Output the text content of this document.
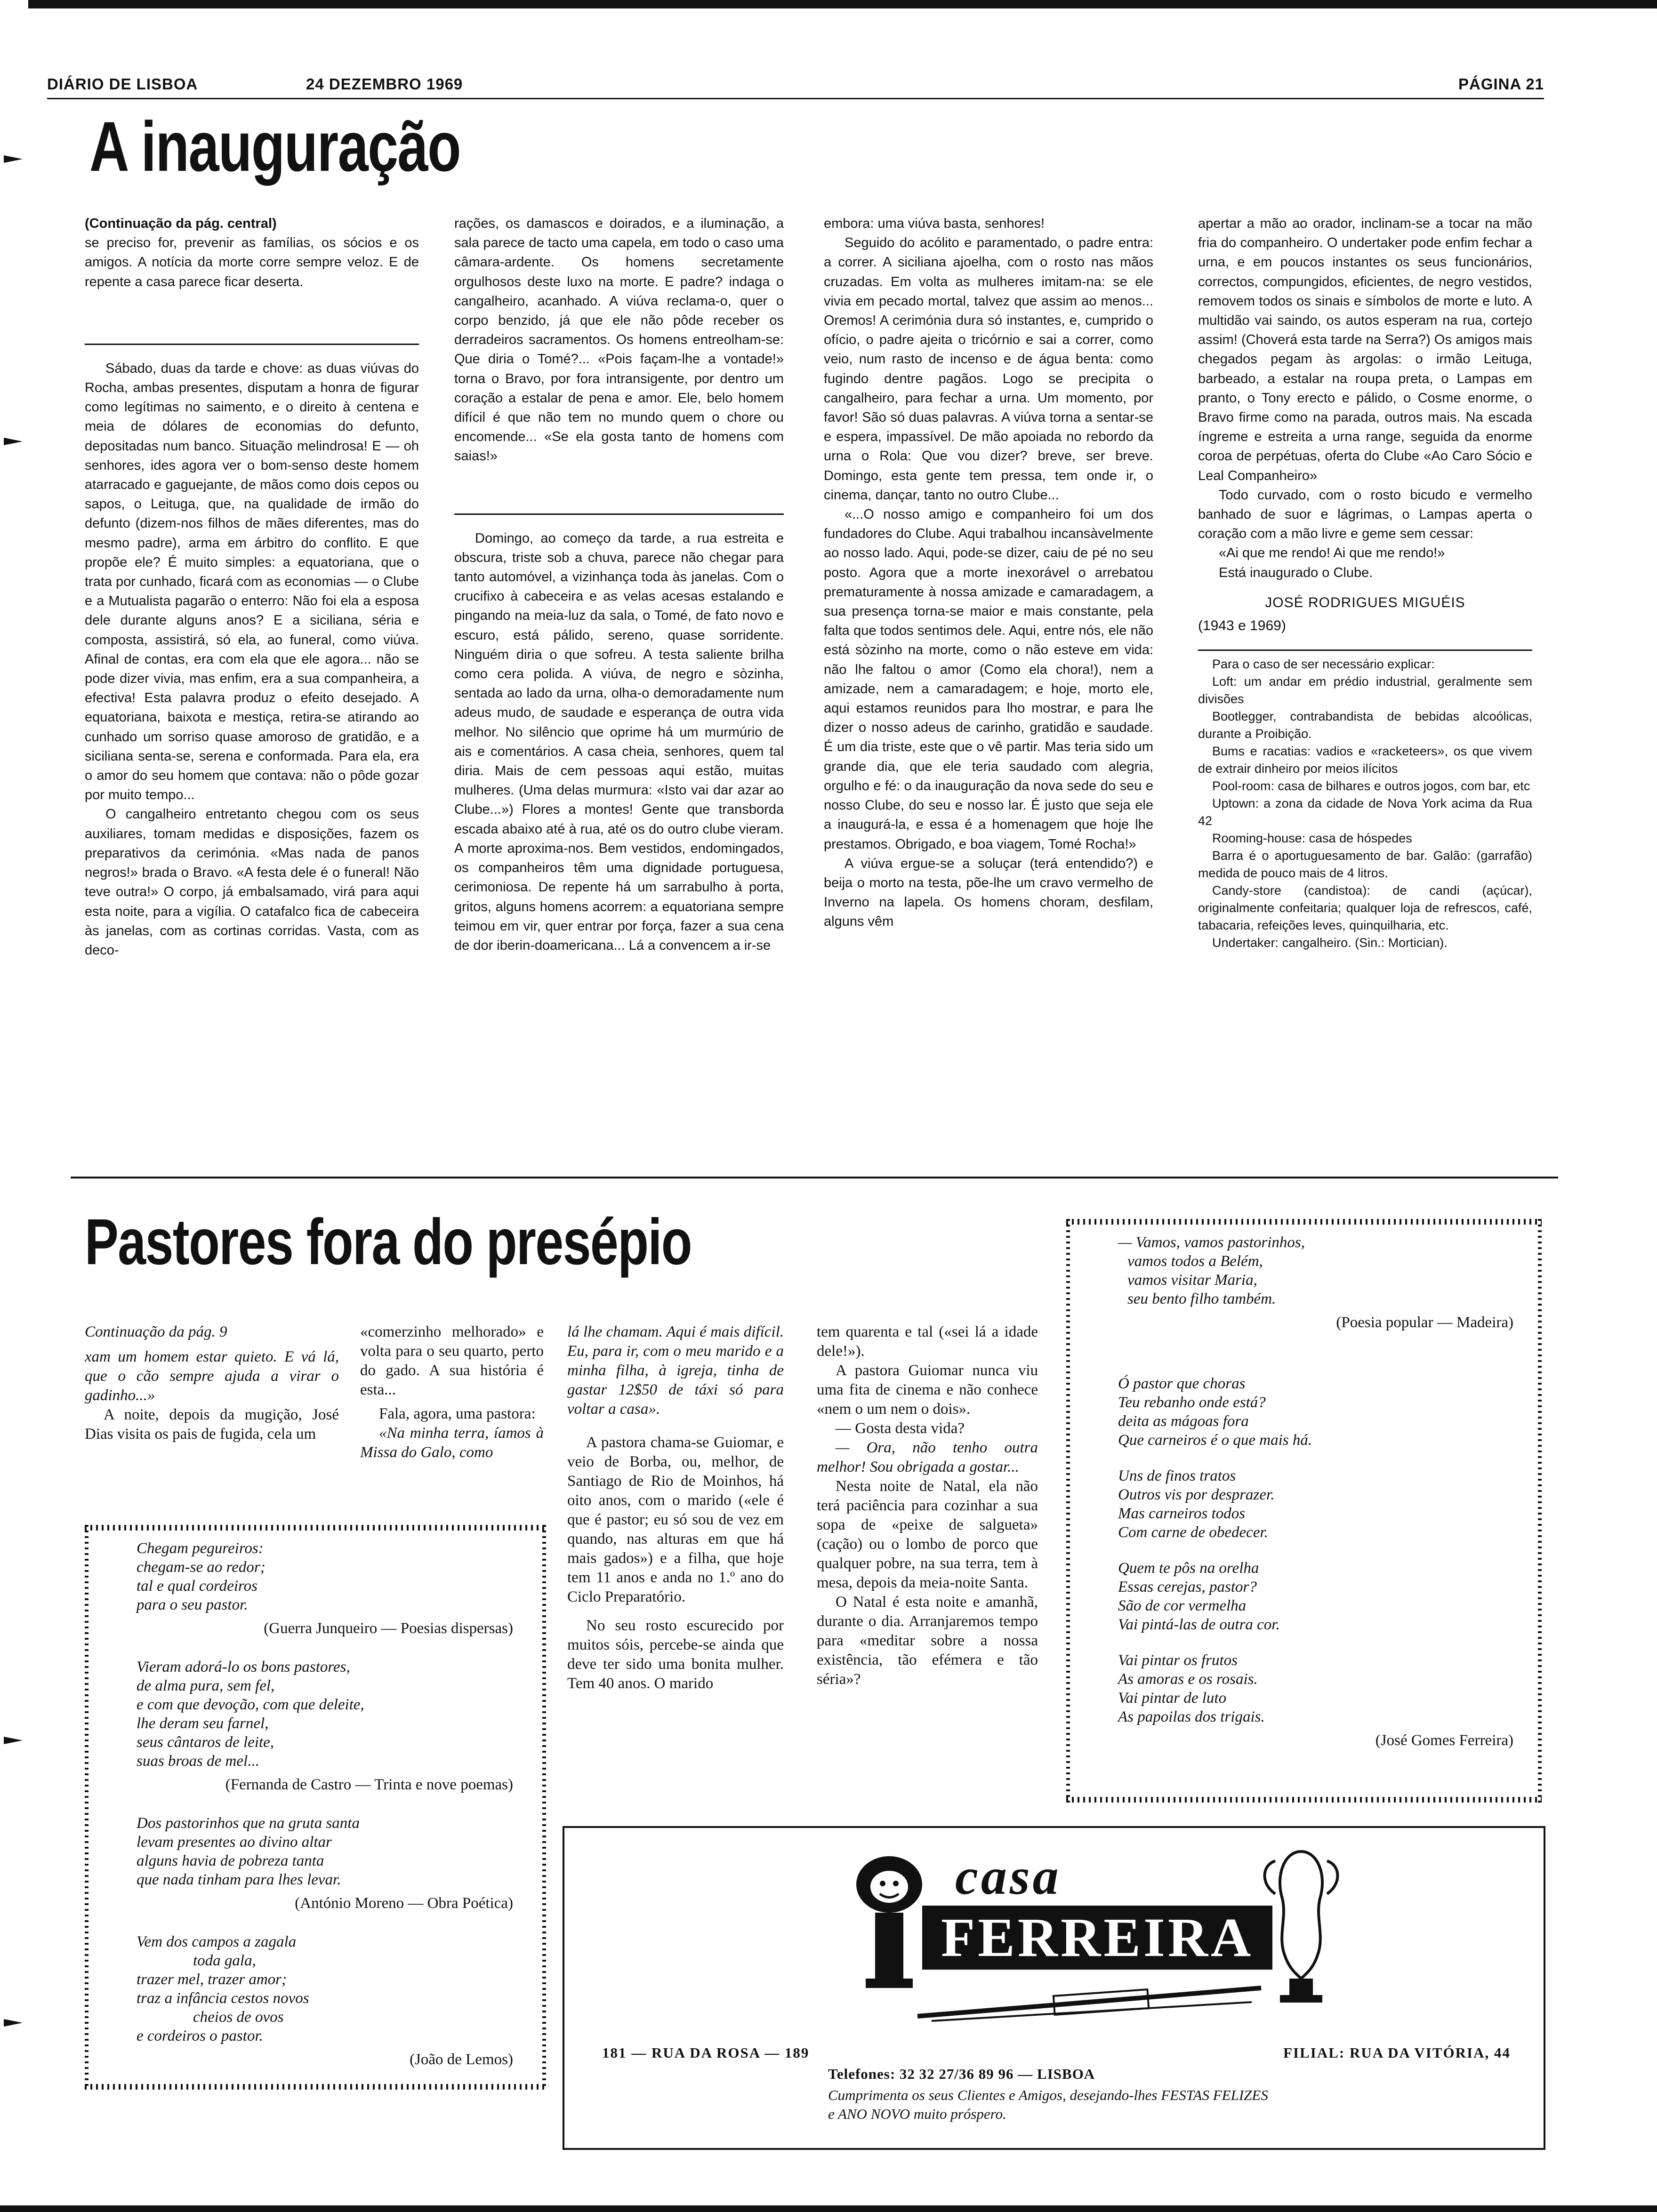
DIÁRIO DE LISBOA	24 DEZEMBRO 1969	PÁGINA 21
A inauguração

(Continuação da pág. central)

se preciso for, prevenir as famílias, os sócios e os amigos. A notícia da morte corre sempre veloz. E de repente a casa parece ficar deserta.

Sábado, duas da tarde e chove: as duas viúvas do Rocha, ambas presentes, disputam a honra de figurar como legítimas no saimento, e o direito à centena e meia de dólares de economias do defunto, depositadas num banco. Situação melindrosa! E — oh senhores, ides agora ver o bom-senso deste homem atarracado e gaguejante, de mãos como dois cepos ou sapos, o Leituga, que, na qualidade de irmão do defunto (dizem-nos filhos de mães diferentes, mas do mesmo padre), arma em árbitro do conflito. E que propõe ele? É muito simples: a equatoriana, que o trata por cunhado, ficará com as economias — o Clube e a Mutualista pagarão o enterro: Não foi ela a esposa dele durante alguns anos? E a siciliana, séria e composta, assistirá, só ela, ao funeral, como viúva. Afinal de contas, era com ela que ele agora... não se pode dizer vivia, mas enfim, era a sua companheira, a efectiva! Esta palavra produz o efeito desejado. A equatoriana, baixota e mestiça, retira-se atirando ao cunhado um sorriso quase amoroso de gratidão, e a siciliana senta-se, serena e conformada. Para ela, era o amor do seu homem que contava: não o pôde gozar por muito tempo...

O cangalheiro entretanto chegou com os seus auxiliares, tomam medidas e disposições, fazem os preparativos da cerimónia. «Mas nada de panos negros!» brada o Bravo. «A festa dele é o funeral! Não teve outra!» O corpo, já embalsamado, virá para aqui esta noite, para a vigília. O catafalco fica de cabeceira às janelas, com as cortinas corridas. Vasta, com as deco-

rações, os damascos e doirados, e a iluminação, a sala parece de tacto uma capela, em todo o caso uma câmara-ardente. Os homens secretamente orgulhosos deste luxo na morte. E padre? indaga o cangalheiro, acanhado. A viúva reclama-o, quer o corpo benzido, já que ele não pôde receber os derradeiros sacramentos. Os homens entreolham-se: Que diria o Tomé?... «Pois façam-lhe a vontade!» torna o Bravo, por fora intransigente, por dentro um coração a estalar de pena e amor. Ele, belo homem difícil é que não tem no mundo quem o chore ou encomende... «Se ela gosta tanto de homens com saias!»

Domingo, ao começo da tarde, a rua estreita e obscura, triste sob a chuva, parece não chegar para tanto automóvel, a vizinhança toda às janelas. Com o crucifixo à cabeceira e as velas acesas estalando e pingando na meia-luz da sala, o Tomé, de fato novo e escuro, está pálido, sereno, quase sorridente. Ninguém diria o que sofreu. A testa saliente brilha como cera polida. A viúva, de negro e sòzinha, sentada ao lado da urna, olha-o demoradamente num adeus mudo, de saudade e esperança de outra vida melhor. No silêncio que oprime há um murmúrio de ais e comentários. A casa cheia, senhores, quem tal diria. Mais de cem pessoas aqui estão, muitas mulheres. (Uma delas murmura: «Isto vai dar azar ao Clube...») Flores a montes! Gente que transborda escada abaixo até à rua, até os do outro clube vieram. A morte aproxima-nos. Bem vestidos, endomingados, os companheiros têm uma dignidade portuguesa, cerimoniosa. De repente há um sarrabulho à porta, gritos, alguns homens acorrem: a equatoriana sempre teimou em vir, quer entrar por força, fazer a sua cena de dor iberin-doamericana... Lá a convencem a ir-se

embora: uma viúva basta, senhores!

Seguido do acólito e paramentado, o padre entra: a correr. A siciliana ajoelha, com o rosto nas mãos cruzadas. Em volta as mulheres imitam-na: se ele vivia em pecado mortal, talvez que assim ao menos... Oremos! A cerimónia dura só instantes, e, cumprido o ofício, o padre ajeita o tricórnio e sai a correr, como veio, num rasto de incenso e de água benta: como fugindo dentre pagãos. Logo se precipita o cangalheiro, para fechar a urna. Um momento, por favor! São só duas palavras. A viúva torna a sentar-se e espera, impassível. De mão apoiada no rebordo da urna o Rola: Que vou dizer? breve, ser breve. Domingo, esta gente tem pressa, tem onde ir, o cinema, dançar, tanto no outro Clube...

«...O nosso amigo e companheiro foi um dos fundadores do Clube. Aqui trabalhou incansàvelmente ao nosso lado. Aqui, pode-se dizer, caiu de pé no seu posto. Agora que a morte inexorável o arrebatou prematuramente à nossa amizade e camaradagem, a sua presença torna-se maior e mais constante, pela falta que todos sentimos dele. Aqui, entre nós, ele não está sòzinho na morte, como o não esteve em vida: não lhe faltou o amor (Como ela chora!), nem a amizade, nem a camaradagem; e hoje, morto ele, aqui estamos reunidos para lho mostrar, e para lhe dizer o nosso adeus de carinho, gratidão e saudade. É um dia triste, este que o vê partir. Mas teria sido um grande dia, que ele teria saudado com alegria, orgulho e fé: o da inauguração da nova sede do seu e nosso Clube, do seu e nosso lar. É justo que seja ele a inaugurá-la, e essa é a homenagem que hoje lhe prestamos. Obrigado, e boa viagem, Tomé Rocha!»

A viúva ergue-se a soluçar (terá entendido?) e beija o morto na testa, põe-lhe um cravo vermelho de Inverno na lapela. Os homens choram, desfilam, alguns vêm

apertar a mão ao orador, inclinam-se a tocar na mão fria do companheiro. O undertaker pode enfim fechar a urna, e em poucos instantes os seus funcionários, correctos, compungidos, eficientes, de negro vestidos, removem todos os sinais e símbolos de morte e luto. A multidão vai saindo, os autos esperam na rua, cortejo assim! (Choverá esta tarde na Serra?) Os amigos mais chegados pegam às argolas: o irmão Leituga, barbeado, a estalar na roupa preta, o Lampas em pranto, o Tony erecto e pálido, o Cosme enorme, o Bravo firme como na parada, outros mais. Na escada íngreme e estreita a urna range, seguida da enorme coroa de perpétuas, oferta do Clube «Ao Caro Sócio e Leal Companheiro»

Todo curvado, com o rosto bicudo e vermelho banhado de suor e lágrimas, o Lampas aperta o coração com a mão livre e geme sem cessar:

«Ai que me rendo! Ai que me rendo!»

Está inaugurado o Clube.

JOSÉ RODRIGUES MIGUÉIS
(1943 e 1969)

Para o caso de ser necessário explicar:

Loft: um andar em prédio industrial, geralmente sem divisões

Bootlegger, contrabandista de bebidas alcoólicas, durante a Proibição.

Bums e racatias: vadios e «racketeers», os que vivem de extrair dinheiro por meios ilícitos

Pool-room: casa de bilhares e outros jogos, com bar, etc

Uptown: a zona da cidade de Nova York acima da Rua 42

Rooming-house: casa de hóspedes

Barra é o aportuguesamento de bar. Galão: (garrafão) medida de pouco mais de 4 litros.

Candy-store (candistoa): de candi (açúcar), originalmente confeitaria; qualquer loja de refrescos, café, tabacaria, refeições leves, quinquilharia, etc.

Undertaker: cangalheiro. (Sin.: Mortician).

Pastores fora do presépio

Continuação da pág. 9

xam um homem estar quieto. E vá lá, que o cão sempre ajuda a virar o gadinho...»

A noite, depois da mugição, José Dias visita os pais de fugida, cela um

«comerzinho melhorado» e volta para o seu quarto, perto do gado. A sua história é esta...

Fala, agora, uma pastora:

«Na minha terra, íamos à Missa do Galo, como

lá lhe chamam. Aqui é mais difícil. Eu, para ir, com o meu marido e a minha filha, à igreja, tinha de gastar 12$50 de táxi só para voltar a casa».

A pastora chama-se Guiomar, e veio de Borba, ou, melhor, de Santiago de Rio de Moinhos, há oito anos, com o marido («ele é que é pastor; eu só sou de vez em quando, nas alturas em que há mais gados») e a filha, que hoje tem 11 anos e anda no 1.º ano do Ciclo Preparatório.

No seu rosto escurecido por muitos sóis, percebe-se ainda que deve ter sido uma bonita mulher. Tem 40 anos. O marido

tem quarenta e tal («sei lá a idade dele!»).

A pastora Guiomar nunca viu uma fita de cinema e não conhece «nem o um nem o dois».

— Gosta desta vida?

— Ora, não tenho outra melhor! Sou obrigada a gostar...

Nesta noite de Natal, ela não terá paciência para cozinhar a sua sopa de «peixe de salgueta» (cação) ou o lombo de porco que qualquer pobre, na sua terra, tem à mesa, depois da meia-noite Santa.

O Natal é esta noite e amanhã, durante o dia. Arranjaremos tempo para «meditar sobre a nossa existência, tão efémera e tão séria»?

Chegam pegureiros:
chegam-se ao redor;
tal e qual cordeiros
para o seu pastor.
(Guerra Junqueiro — Poesias dispersas)
Vieram adorá-lo os bons pastores,
de alma pura, sem fel,
e com que devoção, com que deleite,
lhe deram seu farnel,
seus cântaros de leite,
suas broas de mel...
(Fernanda de Castro — Trinta e nove poemas)
Dos pastorinhos que na gruta santa
levam presentes ao divino altar
alguns havia de pobreza tanta
que nada tinham para lhes levar.
(António Moreno — Obra Poética)
Vem dos campos a zagala
toda gala,
trazer mel, trazer amor;
traz a infância cestos novos
cheios de ovos
e cordeiros o pastor.
(João de Lemos)
— Vamos, vamos pastorinhos,
vamos todos a Belém,
vamos visitar Maria,
seu bento filho também.
(Poesia popular — Madeira)
Ó pastor que choras
Teu rebanho onde está?
deita as mágoas fora
Que carneiros é o que mais há.
Uns de finos tratos
Outros vis por desprazer.
Mas carneiros todos
Com carne de obedecer.
Quem te pôs na orelha
Essas cerejas, pastor?
São de cor vermelha
Vai pintá-las de outra cor.
Vai pintar os frutos
As amoras e os rosais.
Vai pintar de luto
As papoilas dos trigais.
(José Gomes Ferreira)
casa
FERREIRA
181 — RUA DA ROSA — 189	FILIAL: RUA DA VITÓRIA, 44
Telefones: 32 32 27/36 89 96 — LISBOA
Cumprimenta os seus Clientes e Amigos, desejando-lhes FESTAS FELIZES
e ANO NOVO muito próspero.
